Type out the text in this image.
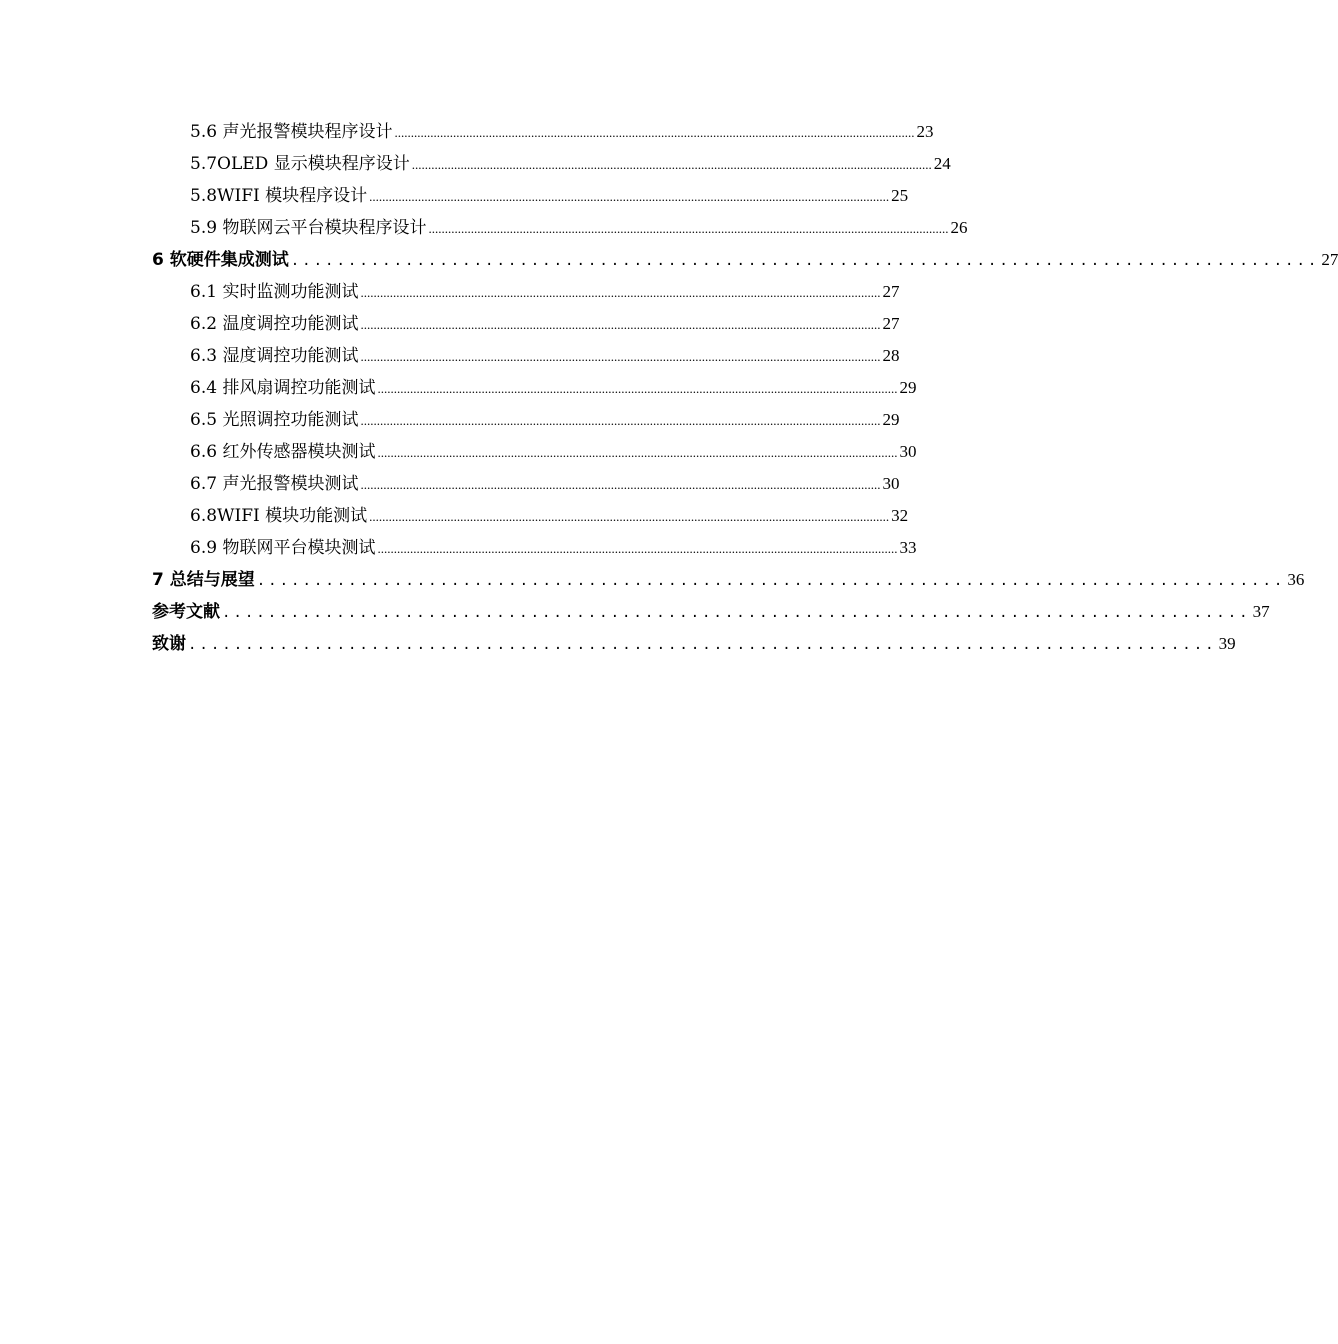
5.6 声光报警模块程序设计 ................................................................................................................................................................ 23
5.7OLED 显示模块程序设计 ................................................................................................................................................................ 24
5.8WIFI 模块程序设计 ................................................................................................................................................................ 25
5.9 物联网云平台模块程序设计 ................................................................................................................................................................ 26
6 软硬件集成测试 .......................................................................................... 27
6.1 实时监测功能测试 ................................................................................................................................................................ 27
6.2 温度调控功能测试 ................................................................................................................................................................ 27
6.3 湿度调控功能测试 ................................................................................................................................................................ 28
6.4 排风扇调控功能测试 ................................................................................................................................................................ 29
6.5 光照调控功能测试 ................................................................................................................................................................ 29
6.6 红外传感器模块测试 ................................................................................................................................................................ 30
6.7 声光报警模块测试 ................................................................................................................................................................ 30
6.8WIFI 模块功能测试 ................................................................................................................................................................ 32
6.9 物联网平台模块测试 ................................................................................................................................................................ 33
7 总结与展望 .......................................................................................... 36
参考文献 .......................................................................................... 37
致谢 .......................................................................................... 39
